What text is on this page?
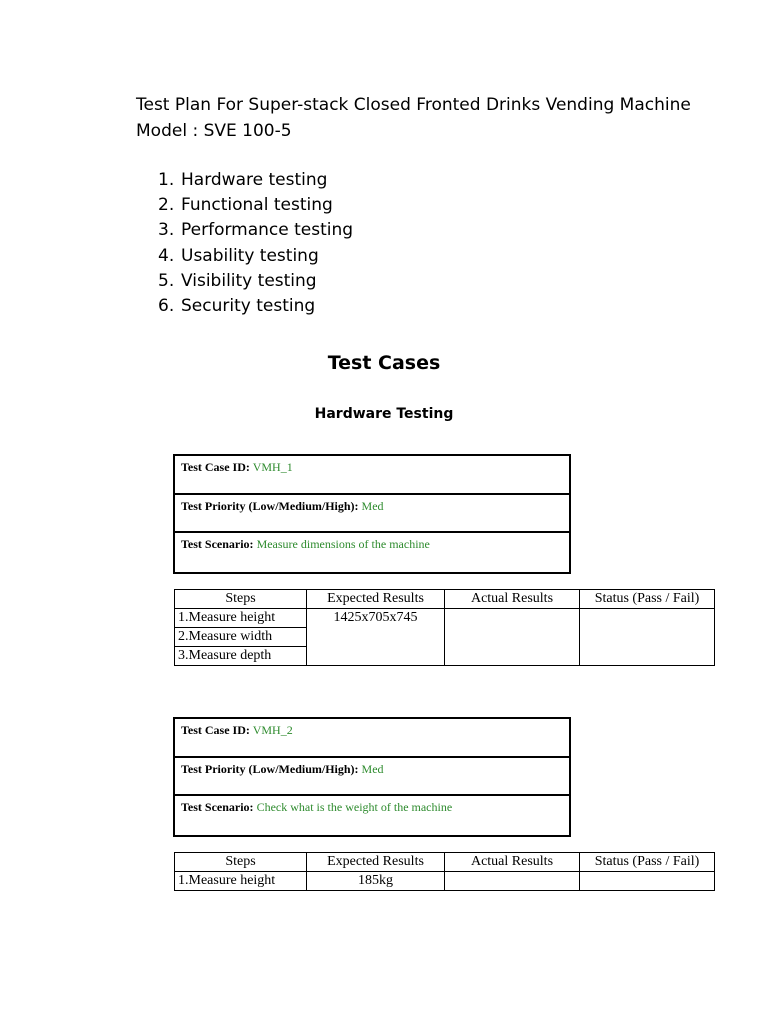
Test Plan For Super-stack Closed Fronted Drinks Vending Machine
Model : SVE 100-5
1. Hardware testing
2. Functional testing
3. Performance testing
4. Usability testing
5. Visibility testing
6. Security testing
Test Cases
Hardware Testing
Test Case ID: VMH_1
Test Priority (Low/Medium/High): Med
Test Scenario: Measure dimensions of the machine
Steps	Expected Results	Actual Results	Status (Pass / Fail)
1.Measure height	1425x705x745		
2.Measure width			
3.Measure depth			
Test Case ID: VMH_2
Test Priority (Low/Medium/High): Med
Test Scenario: Check what is the weight of the machine
Steps	Expected Results	Actual Results	Status (Pass / Fail)
1.Measure height	185kg		
